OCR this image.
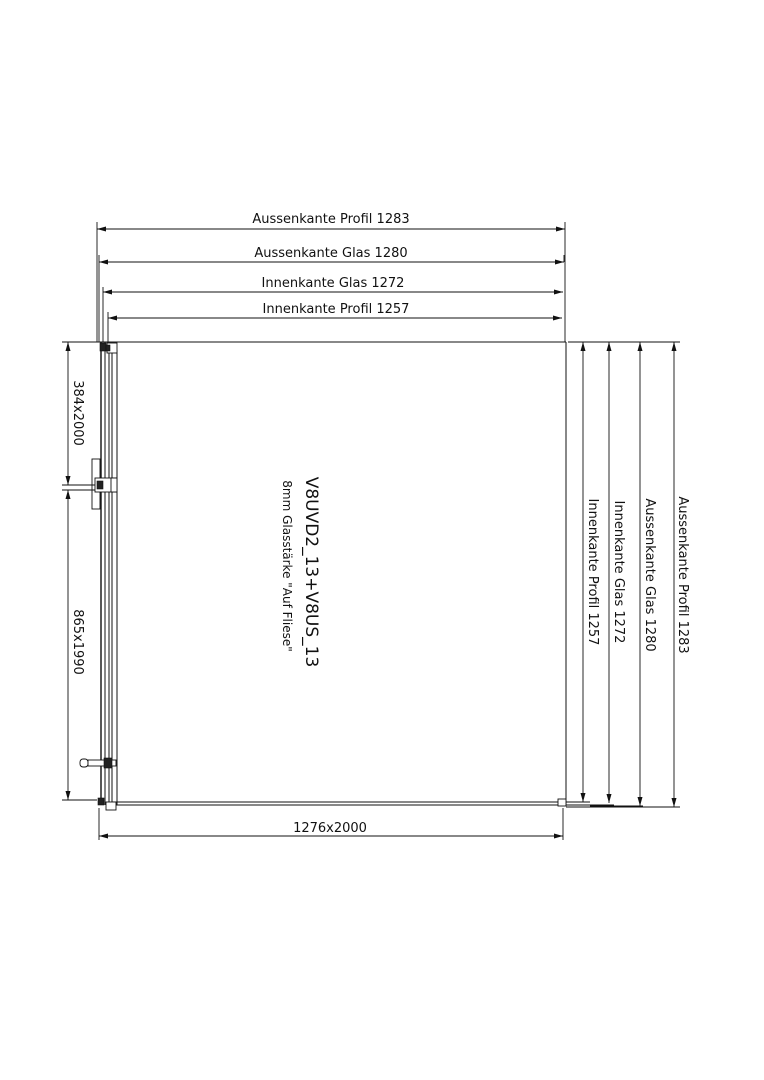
Aussenkante Profil 1283
Aussenkante Glas 1280
Innenkante Glas 1272
Innenkante Profil 1257
Innenkante Profil 1257 Innenkante Glas 1272 Aussenkante Glas 1280 Aussenkante Profil 1283
1276x2000
384x2000
865x1990	V8UVD2_13+V8US_13
8mm Glasstärke "Auf Fliese"
